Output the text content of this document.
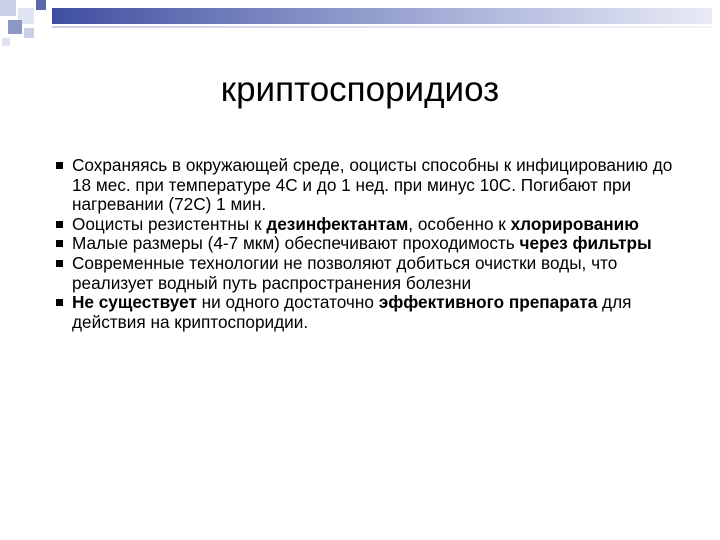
криптоспоридиоз
Сохраняясь в окружающей среде, ооцисты способны к инфицированию до 18 мес. при температуре 4С и до 1 нед. при минус 10С. Погибают при нагревании (72С) 1 мин.
Ооцисты резистентны к дезинфектантам, особенно к хлорированию
Малые размеры (4-7 мкм) обеспечивают проходимость через фильтры
Современные технологии не позволяют добиться очистки воды, что реализует водный путь распространения болезни
Не существует ни одного достаточно эффективного препарата для действия на криптоспоридии.
